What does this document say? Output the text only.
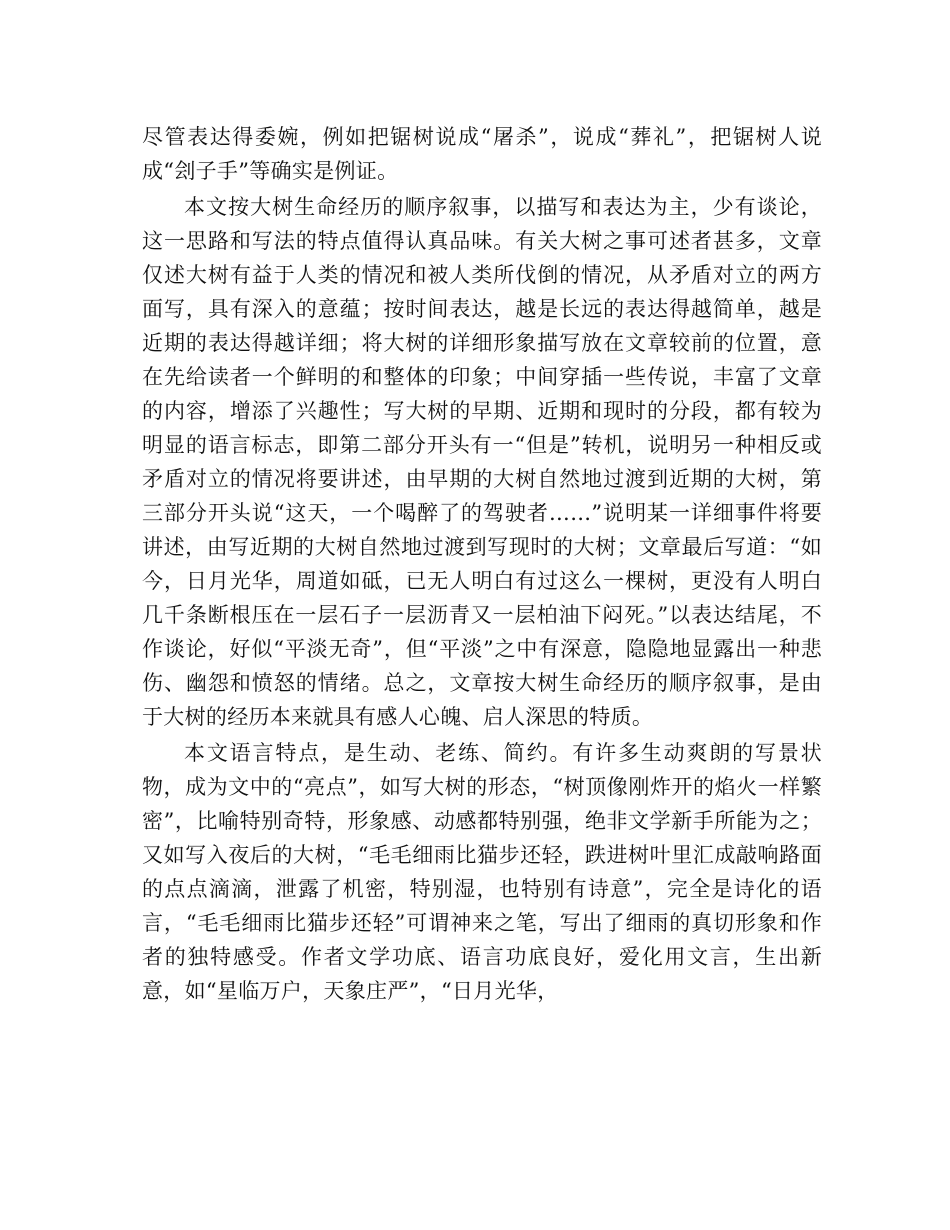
尽管表达得委婉，例如把锯树说成“屠杀”，说成“葬礼”，把锯树人说成“刽子手”等确实是例证。

本文按大树生命经历的顺序叙事，以描写和表达为主，少有谈论，这一思路和写法的特点值得认真品味。有关大树之事可述者甚多，文章仅述大树有益于人类的情况和被人类所伐倒的情况，从矛盾对立的两方面写，具有深入的意蕴；按时间表达，越是长远的表达得越简单，越是近期的表达得越详细；将大树的详细形象描写放在文章较前的位置，意在先给读者一个鲜明的和整体的印象；中间穿插一些传说，丰富了文章的内容，增添了兴趣性；写大树的早期、近期和现时的分段，都有较为明显的语言标志，即第二部分开头有一“但是”转机，说明另一种相反或矛盾对立的情况将要讲述，由早期的大树自然地过渡到近期的大树，第三部分开头说“这天，一个喝醉了的驾驶者……”说明某一详细事件将要讲述，由写近期的大树自然地过渡到写现时的大树；文章最后写道：“如今，日月光华，周道如砥，已无人明白有过这么一棵树，更没有人明白几千条断根压在一层石子一层沥青又一层柏油下闷死。”以表达结尾，不作谈论，好似“平淡无奇”，但“平淡”之中有深意，隐隐地显露出一种悲伤、幽怨和愤怒的情绪。总之，文章按大树生命经历的顺序叙事，是由于大树的经历本来就具有感人心魄、启人深思的特质。

本文语言特点，是生动、老练、简约。有许多生动爽朗的写景状物，成为文中的“亮点”，如写大树的形态，“树顶像刚炸开的焰火一样繁密”，比喻特别奇特，形象感、动感都特别强，绝非文学新手所能为之；又如写入夜后的大树，“毛毛细雨比猫步还轻，跌进树叶里汇成敲响路面的点点滴滴，泄露了机密，特别湿，也特别有诗意”，完全是诗化的语言，“毛毛细雨比猫步还轻”可谓神来之笔，写出了细雨的真切形象和作者的独特感受。作者文学功底、语言功底良好，爱化用文言，生出新意，如“星临万户，天象庄严”，“日月光华，
